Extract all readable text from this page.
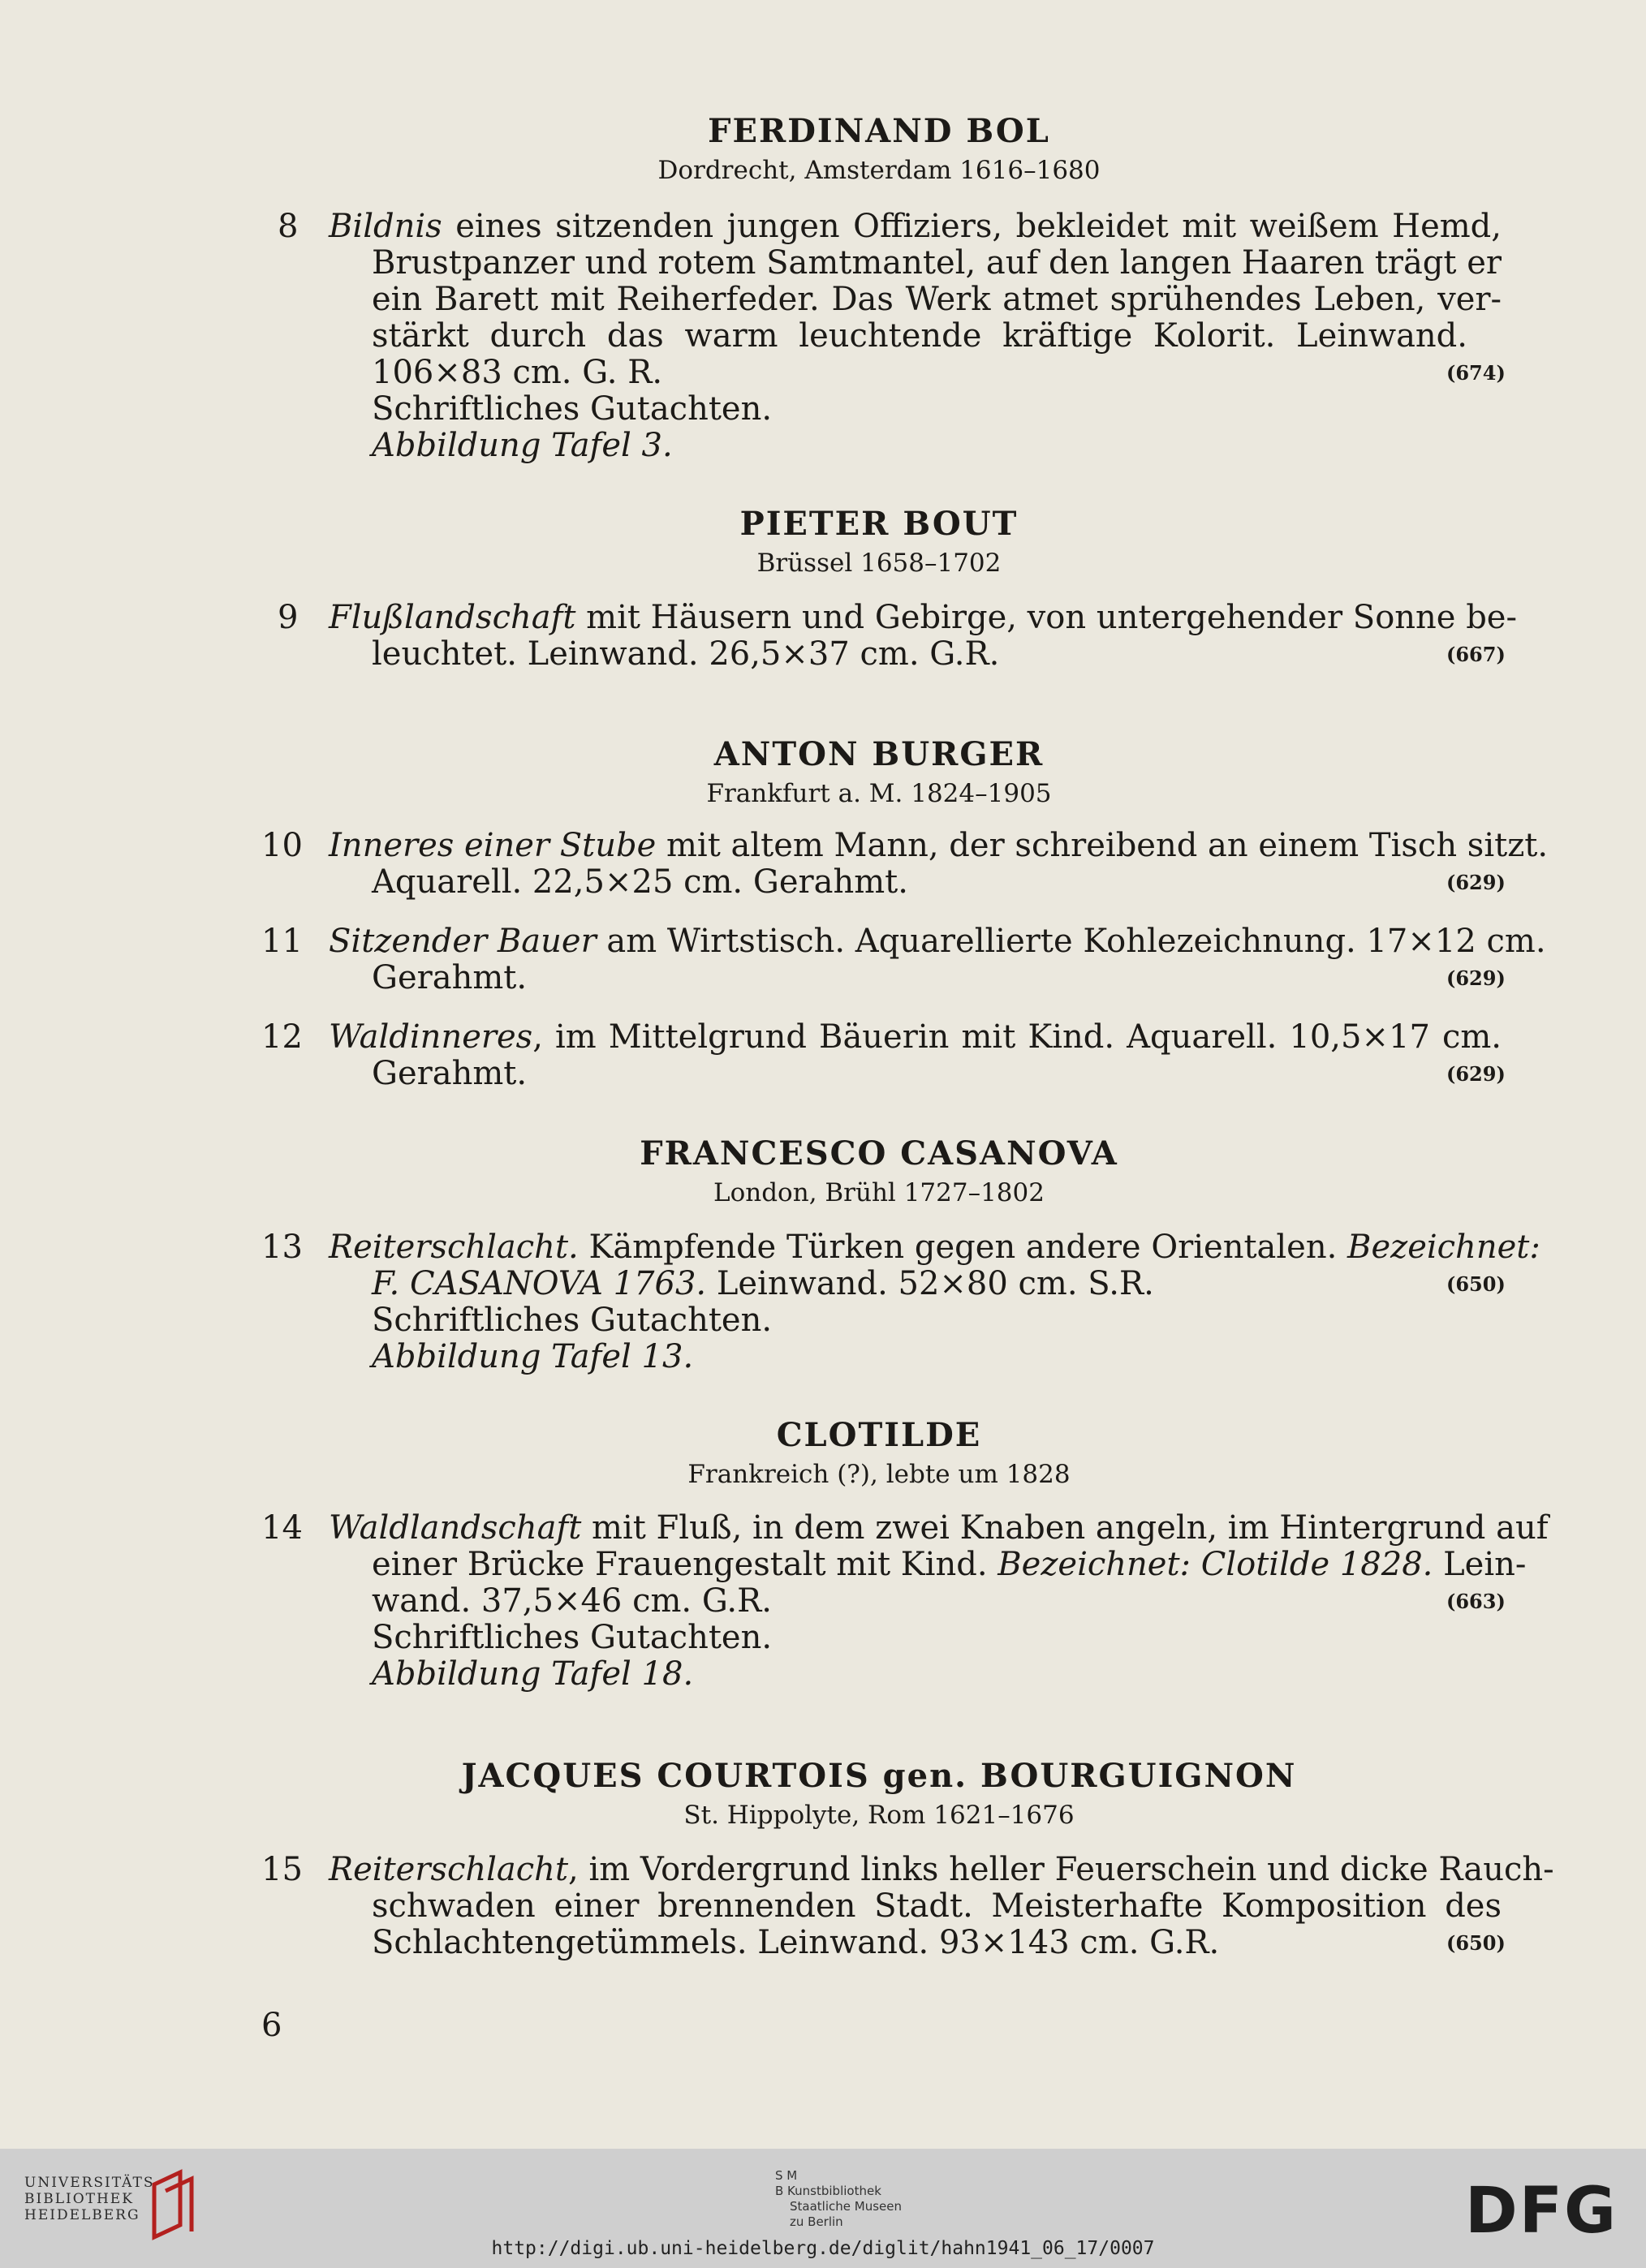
FERDINAND BOL
Dordrecht, Amsterdam 1616–1680
8 Bildnis eines sitzenden jungen Offiziers, bekleidet mit weißem Hemd,
Brustpanzer und rotem Samtmantel, auf den langen Haaren trägt er
ein Barett mit Reiherfeder. Das Werk atmet sprühendes Leben, ver-
stärkt durch das warm leuchtende kräftige Kolorit. Leinwand.
106×83 cm. G. R.	(674)
Schriftliches Gutachten.
Abbildung Tafel 3.
PIETER BOUT
Brüssel 1658–1702
9 Flußlandschaft mit Häusern und Gebirge, von untergehender Sonne be-
leuchtet. Leinwand. 26,5×37 cm. G.R.	(667)
ANTON BURGER
Frankfurt a. M. 1824–1905
10 Inneres einer Stube mit altem Mann, der schreibend an einem Tisch sitzt.
Aquarell. 22,5×25 cm. Gerahmt.	(629)
11 Sitzender Bauer am Wirtstisch. Aquarellierte Kohlezeichnung. 17×12 cm.
Gerahmt.	(629)
12 Waldinneres, im Mittelgrund Bäuerin mit Kind. Aquarell. 10,5×17 cm.
Gerahmt.	(629)
FRANCESCO CASANOVA
London, Brühl 1727–1802
13 Reiterschlacht. Kämpfende Türken gegen andere Orientalen. Bezeichnet:
F. CASANOVA 1763. Leinwand. 52×80 cm. S.R.	(650)
Schriftliches Gutachten.
Abbildung Tafel 13.
CLOTILDE
Frankreich (?), lebte um 1828
14 Waldlandschaft mit Fluß, in dem zwei Knaben angeln, im Hintergrund auf
einer Brücke Frauengestalt mit Kind. Bezeichnet: Clotilde 1828. Lein-
wand. 37,5×46 cm. G.R.	(663)
Schriftliches Gutachten.
Abbildung Tafel 18.
JACQUES COURTOIS gen. BOURGUIGNON
St. Hippolyte, Rom 1621–1676
15 Reiterschlacht, im Vordergrund links heller Feuerschein und dicke Rauch-
schwaden einer brennenden Stadt. Meisterhafte Komposition des
Schlachtengetümmels. Leinwand. 93×143 cm. G.R.	(650)
6
UNIVERSITÄTS-
BIBLIOTHEK
HEIDELBERG
S M
B Kunstbibliothek
Staatliche Museen
zu Berlin	DFG
http://digi.ub.uni-heidelberg.de/diglit/hahn1941_06_17/0007
